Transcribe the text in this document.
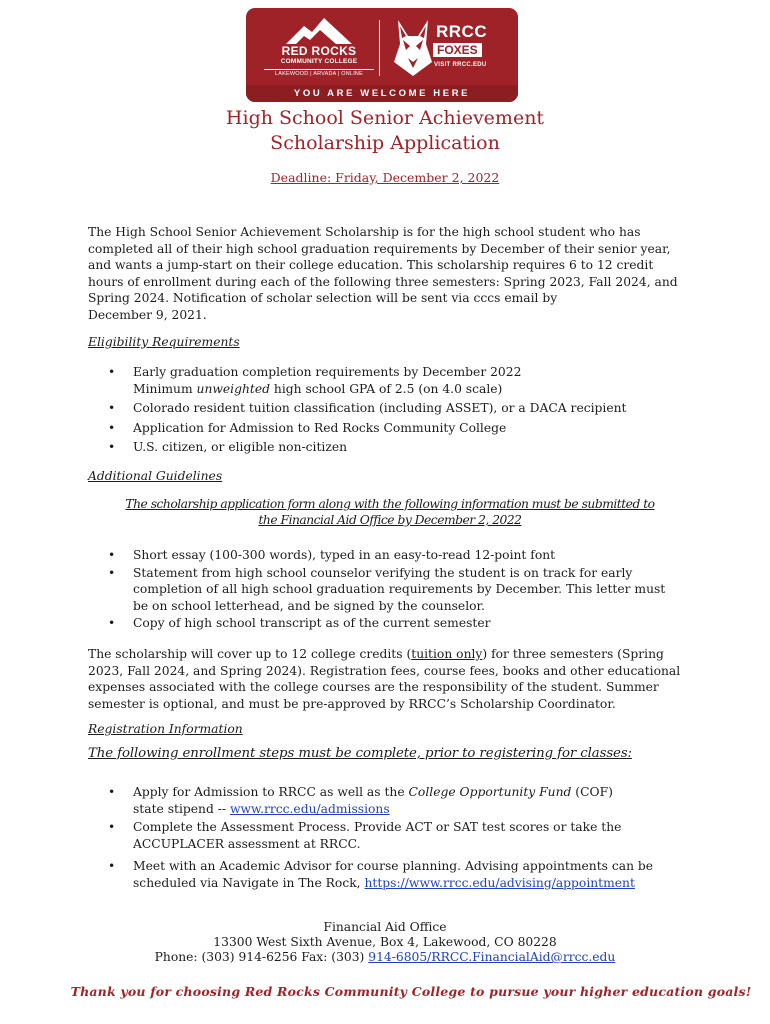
RED ROCKS
COMMUNITY COLLEGE
LAKEWOOD | ARVADA | ONLINE
RRCC
FOXES
VISIT RRCC.EDU
YOU ARE WELCOME HERE
High School Senior Achievement
Scholarship Application
Deadline: Friday, December 2, 2022
The High School Senior Achievement Scholarship is for the high school student who has
completed all of their high school graduation requirements by December of their senior year,
and wants a jump-start on their college education. This scholarship requires 6 to 12 credit
hours of enrollment during each of the following three semesters: Spring 2023, Fall 2024, and
Spring 2024. Notification of scholar selection will be sent via cccs email by
December 9, 2021.
Eligibility Requirements
• Early graduation completion requirements by December 2022
Minimum unweighted high school GPA of 2.5 (on 4.0 scale)
• Colorado resident tuition classification (including ASSET), or a DACA recipient
• Application for Admission to Red Rocks Community College
• U.S. citizen, or eligible non-citizen
Additional Guidelines
The scholarship application form along with the following information must be submitted to
the Financial Aid Office by December 2, 2022
• Short essay (100-300 words), typed in an easy-to-read 12-point font
• Statement from high school counselor verifying the student is on track for early
completion of all high school graduation requirements by December. This letter must
be on school letterhead, and be signed by the counselor.
• Copy of high school transcript as of the current semester
The scholarship will cover up to 12 college credits (tuition only) for three semesters (Spring
2023, Fall 2024, and Spring 2024). Registration fees, course fees, books and other educational
expenses associated with the college courses are the responsibility of the student. Summer
semester is optional, and must be pre-approved by RRCC’s Scholarship Coordinator.
Registration Information
The following enrollment steps must be complete, prior to registering for classes:
• Apply for Admission to RRCC as well as the College Opportunity Fund (COF)
state stipend -- www.rrcc.edu/admissions
• Complete the Assessment Process. Provide ACT or SAT test scores or take the
ACCUPLACER assessment at RRCC.
• Meet with an Academic Advisor for course planning. Advising appointments can be
scheduled via Navigate in The Rock, https://www.rrcc.edu/advising/appointment
Financial Aid Office
13300 West Sixth Avenue, Box 4, Lakewood, CO 80228
Phone: (303) 914-6256 Fax: (303) 914-6805/RRCC.FinancialAid@rrcc.edu
Thank you for choosing Red Rocks Community College to pursue your higher education goals!
